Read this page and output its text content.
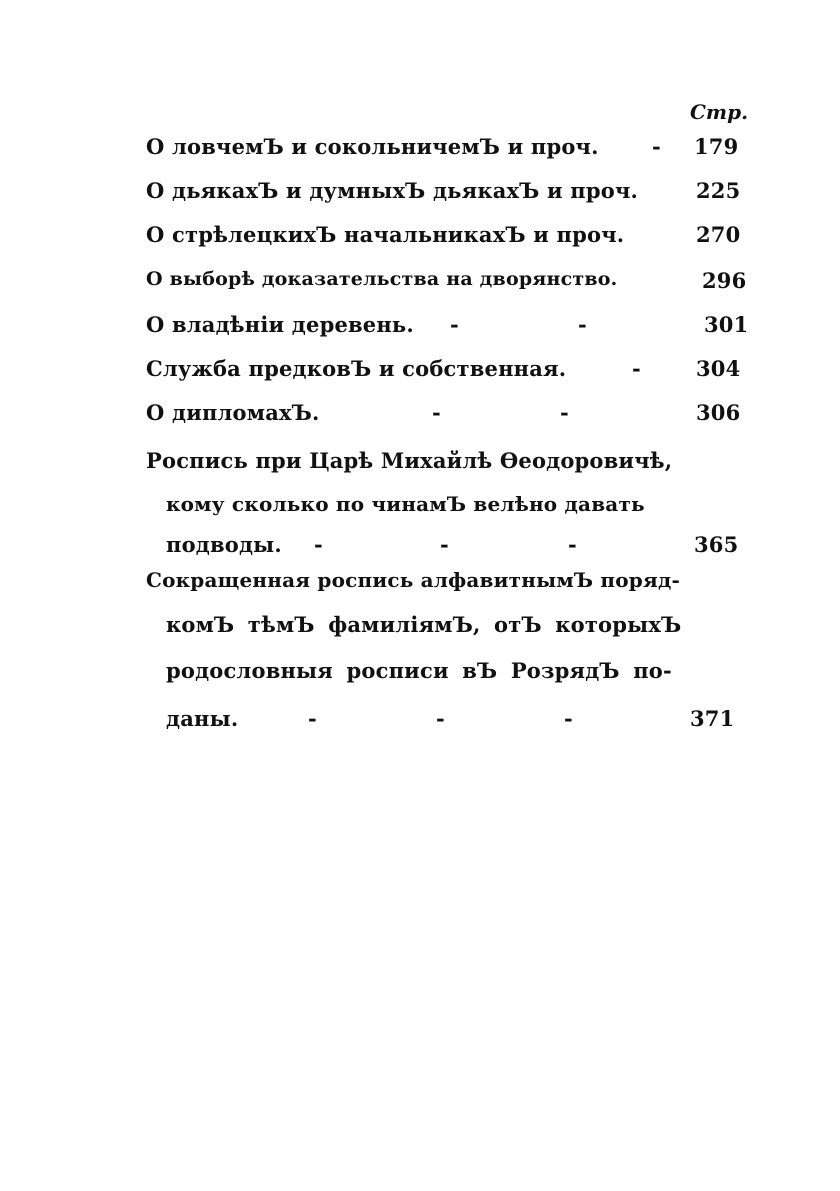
Стр.
О ловчемЪ и сокольничемЪ и проч.	- 179
О дьякахЪ и думныхЪ дьякахЪ и проч.	225
О стрѣлецкихЪ начальникахЪ и проч.	270
О выборѣ доказательства на дворянство.	296
О владѣніи деревень. -	-	301
Служба предковЪ и собственная.	-	304
О дипломахЪ.	-	-	306
Роспись при Царѣ Михайлѣ Ѳеодоровичѣ,
кому сколько по чинамЪ велѣно давать
подводы. -	-	-	365
Сокращенная роспись алфавитнымЪ поряд-
комЪ тѣмЪ фамиліямЪ, отЪ которыхЪ
родословныя росписи вЪ РозрядЪ по-
даны.	-	-	-	371
